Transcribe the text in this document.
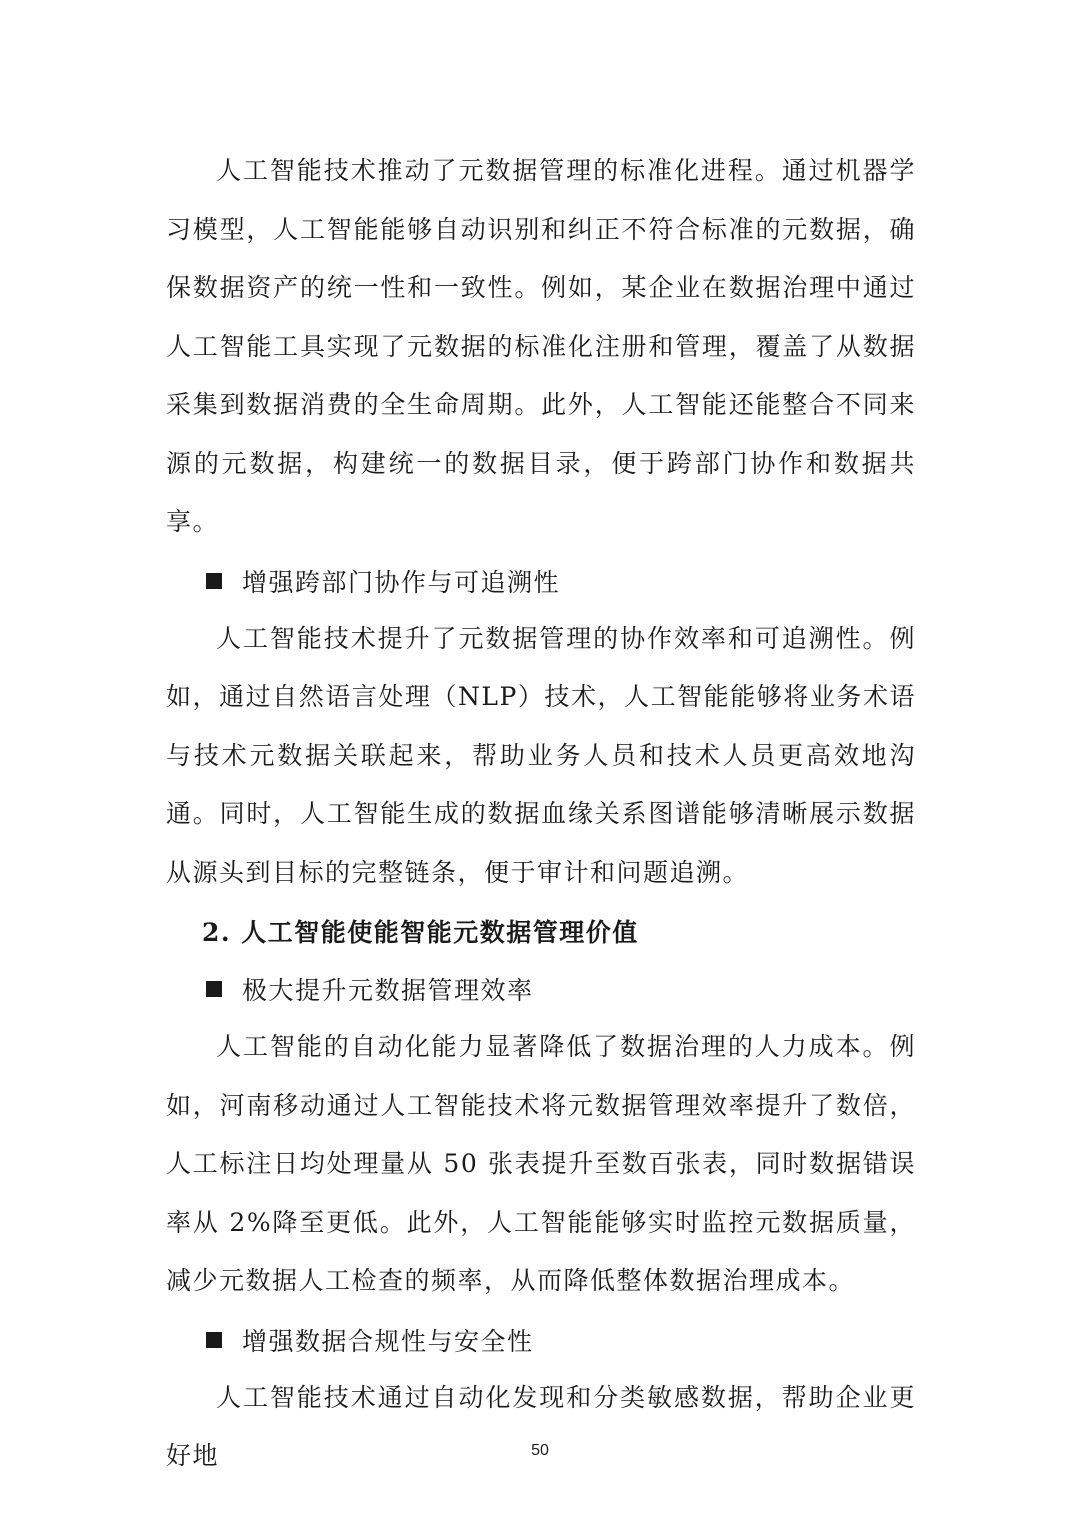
人工智能技术推动了元数据管理的标准化进程。通过机器学习模型，人工智能能够自动识别和纠正不符合标准的元数据，确保数据资产的统一性和一致性。例如，某企业在数据治理中通过人工智能工具实现了元数据的标准化注册和管理，覆盖了从数据采集到数据消费的全生命周期。此外，人工智能还能整合不同来源的元数据，构建统一的数据目录，便于跨部门协作和数据共享。

增强跨部门协作与可追溯性

人工智能技术提升了元数据管理的协作效率和可追溯性。例如，通过自然语言处理（NLP）技术，人工智能能够将业务术语与技术元数据关联起来，帮助业务人员和技术人员更高效地沟通。同时，人工智能生成的数据血缘关系图谱能够清晰展示数据从源头到目标的完整链条，便于审计和问题追溯。

2. 人工智能使能智能元数据管理价值
极大提升元数据管理效率

人工智能的自动化能力显著降低了数据治理的人力成本。例如，河南移动通过人工智能技术将元数据管理效率提升了数倍，人工标注日均处理量从 50 张表提升至数百张表，同时数据错误率从 2%降至更低。此外，人工智能能够实时监控元数据质量，减少元数据人工检查的频率，从而降低整体数据治理成本。

增强数据合规性与安全性

人工智能技术通过自动化发现和分类敏感数据，帮助企业更好地	50
